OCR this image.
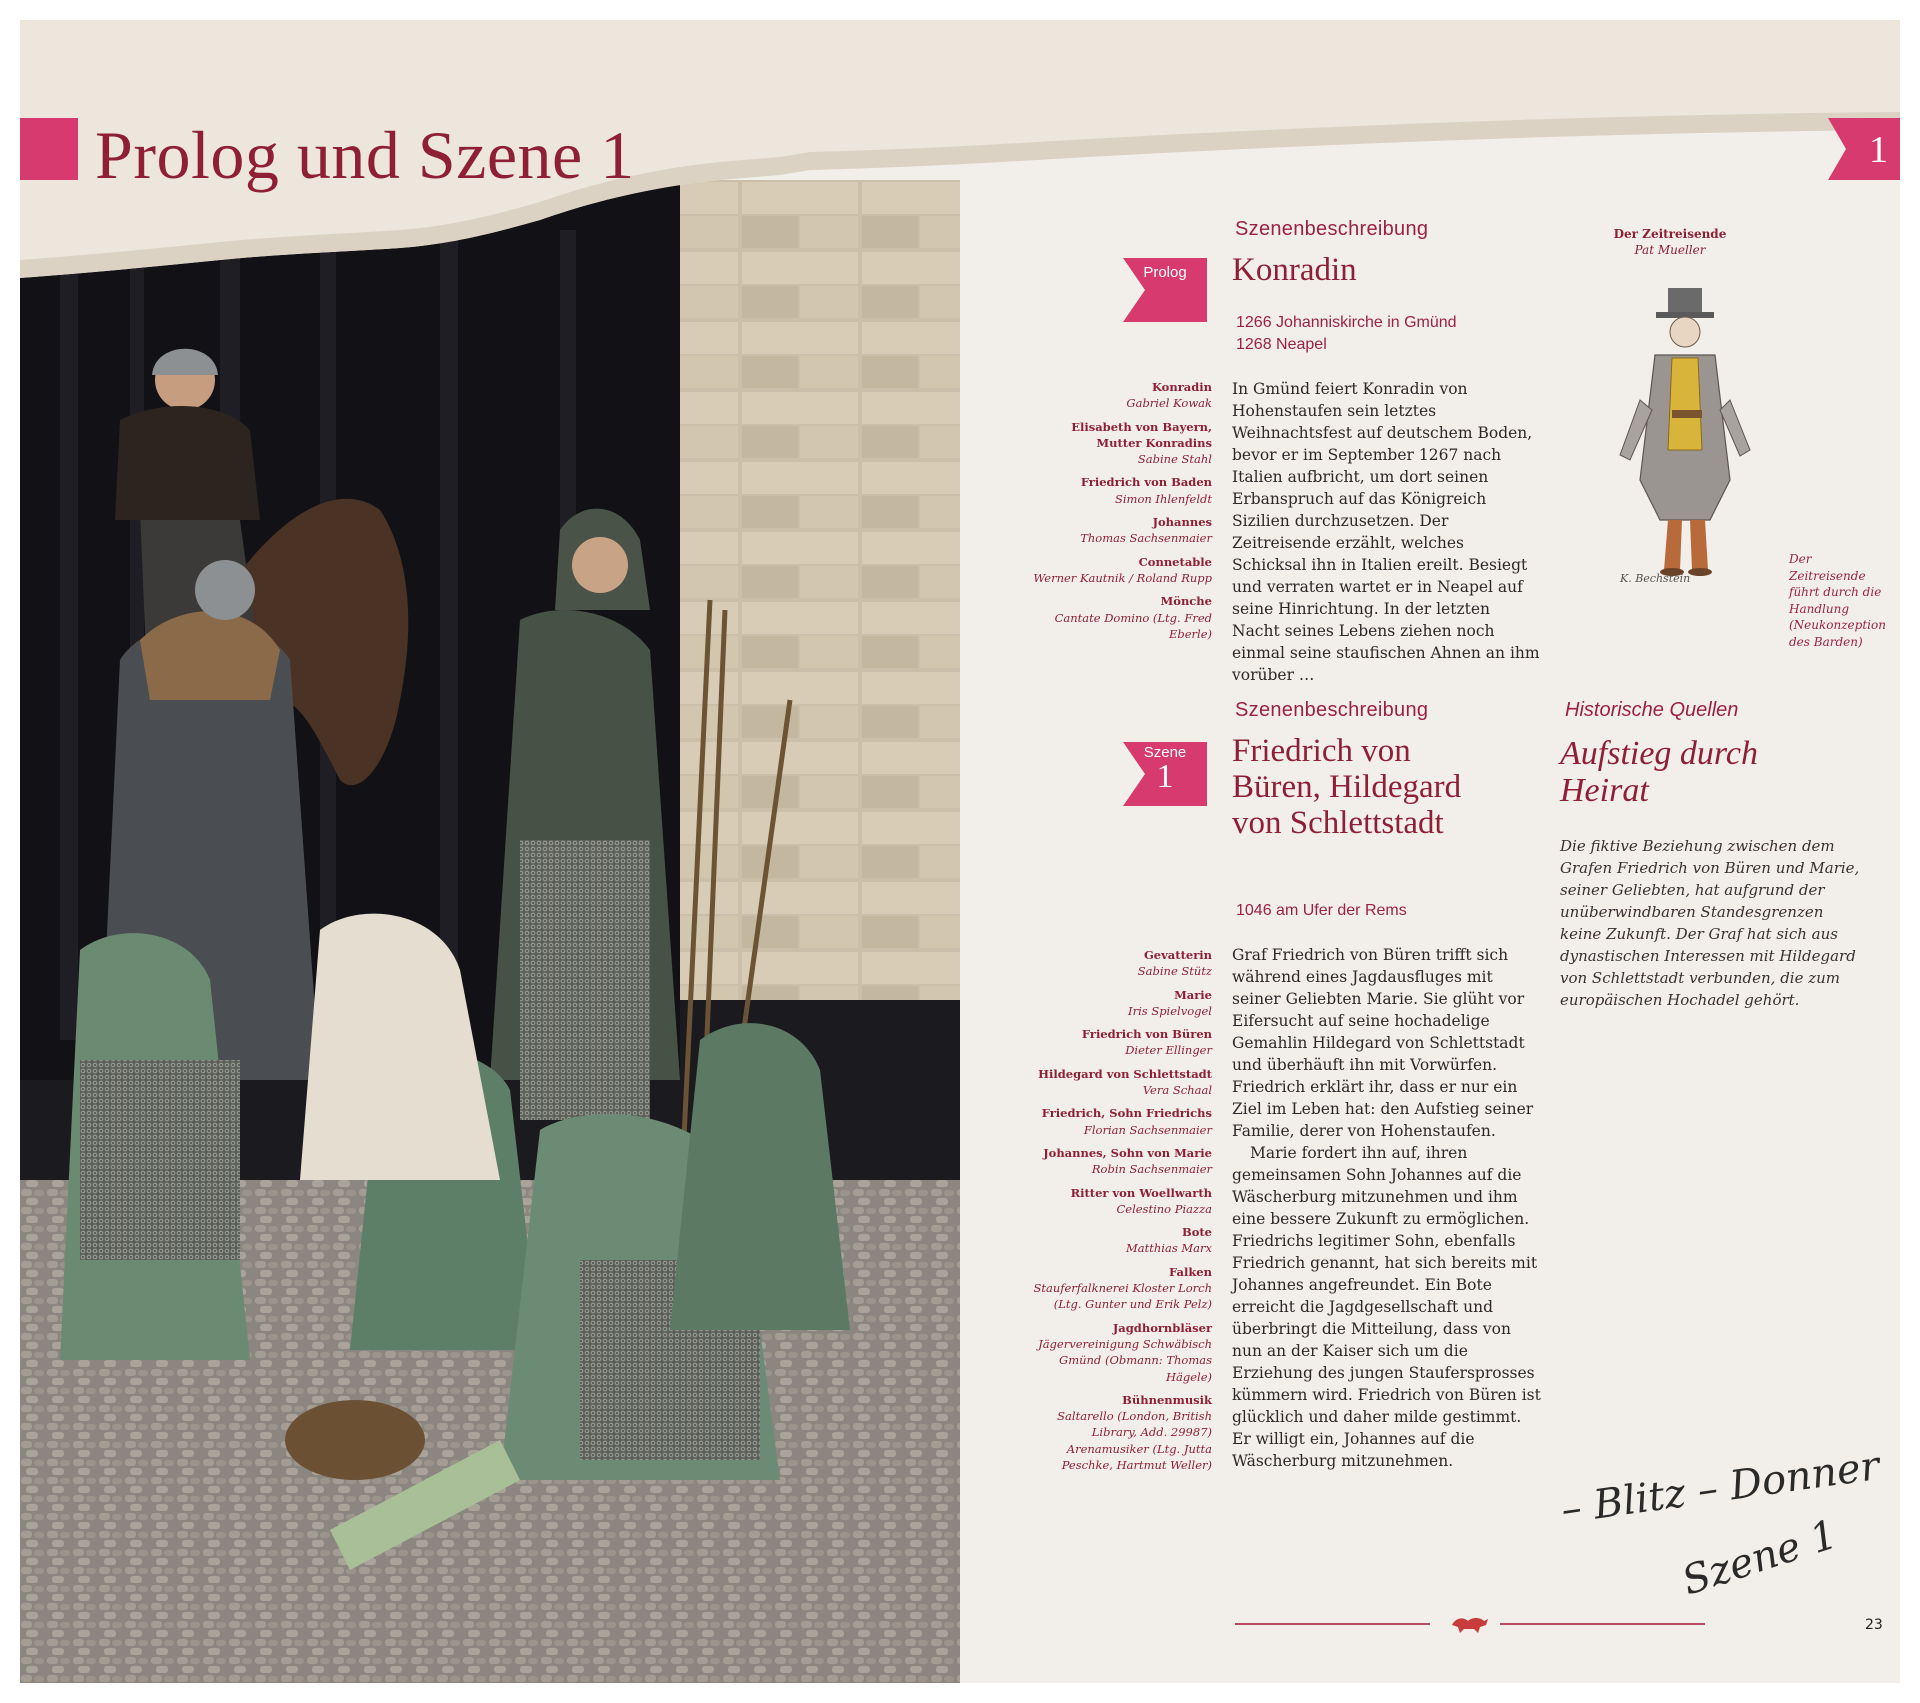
Prolog und Szene 1	1
Szenenbeschreibung
Prolog	Konradin
1266 Johanniskirche in Gmünd
1268 Neapel
Konradin
Gabriel Kowak
Elisabeth von Bayern, Mutter Konradins
Sabine Stahl
Friedrich von Baden
Simon Ihlenfeldt
Johannes
Thomas Sachsenmaier
Connetable
Werner Kautnik / Roland Rupp
Mönche
Cantate Domino (Ltg. Fred Eberle)

In Gmünd feiert Konradin von Hohenstaufen sein letztes Weihnachtsfest auf deutschem Boden, bevor er im September 1267 nach Italien aufbricht, um dort seinen Erbanspruch auf das Königreich Sizilien durchzusetzen. Der Zeitreisende erzählt, welches Schicksal ihn in Italien ereilt. Besiegt und verraten wartet er in Neapel auf seine Hinrichtung. In der letzten Nacht seines Lebens ziehen noch einmal seine staufischen Ahnen an ihm vorüber …

Der Zeitreisende
Pat Mueller
K. Bechstein
Der Zeitreisende führt durch die Handlung (Neukonzeption des Barden)
Szenenbeschreibung
Szene
1
Friedrich von Büren, Hildegard von Schlettstadt
1046 am Ufer der Rems
Gevatterin
Sabine Stütz
Marie
Iris Spielvogel
Friedrich von Büren
Dieter Ellinger
Hildegard von Schlettstadt
Vera Schaal
Friedrich, Sohn Friedrichs
Florian Sachsenmaier
Johannes, Sohn von Marie
Robin Sachsenmaier
Ritter von Woellwarth
Celestino Piazza
Bote
Matthias Marx
Falken
Stauferfalknerei Kloster Lorch (Ltg. Gunter und Erik Pelz)
Jagdhornbläser
Jägervereinigung Schwäbisch Gmünd (Obmann: Thomas Hägele)
Bühnenmusik
Saltarello (London, British Library, Add. 29987) Arenamusiker (Ltg. Jutta Peschke, Hartmut Weller)

Graf Friedrich von Büren trifft sich während eines Jagdausfluges mit seiner Geliebten Marie. Sie glüht vor Eifersucht auf seine hochadelige Gemahlin Hildegard von Schlettstadt und überhäuft ihn mit Vorwürfen. Friedrich erklärt ihr, dass er nur ein Ziel im Leben hat: den Aufstieg seiner Familie, derer von Hohenstaufen.

Marie fordert ihn auf, ihren gemeinsamen Sohn Johannes auf die Wäscherburg mitzunehmen und ihm eine bessere Zukunft zu ermöglichen. Friedrichs legitimer Sohn, ebenfalls Friedrich genannt, hat sich bereits mit Johannes angefreundet. Ein Bote erreicht die Jagdgesellschaft und überbringt die Mitteilung, dass von nun an der Kaiser sich um die Erziehung des jungen Staufersprosses kümmern wird. Friedrich von Büren ist glücklich und daher milde gestimmt. Er willigt ein, Johannes auf die Wäscherburg mitzunehmen.

Historische Quellen
Aufstieg durch Heirat
Die fiktive Beziehung zwischen dem Grafen Friedrich von Büren und Marie, seiner Geliebten, hat aufgrund der unüberwindbaren Standesgrenzen keine Zukunft. Der Graf hat sich aus dynastischen Interessen mit Hildegard von Schlettstadt verbunden, die zum europäischen Hochadel gehört.
– Blitz – Donner
Szene 1
23
